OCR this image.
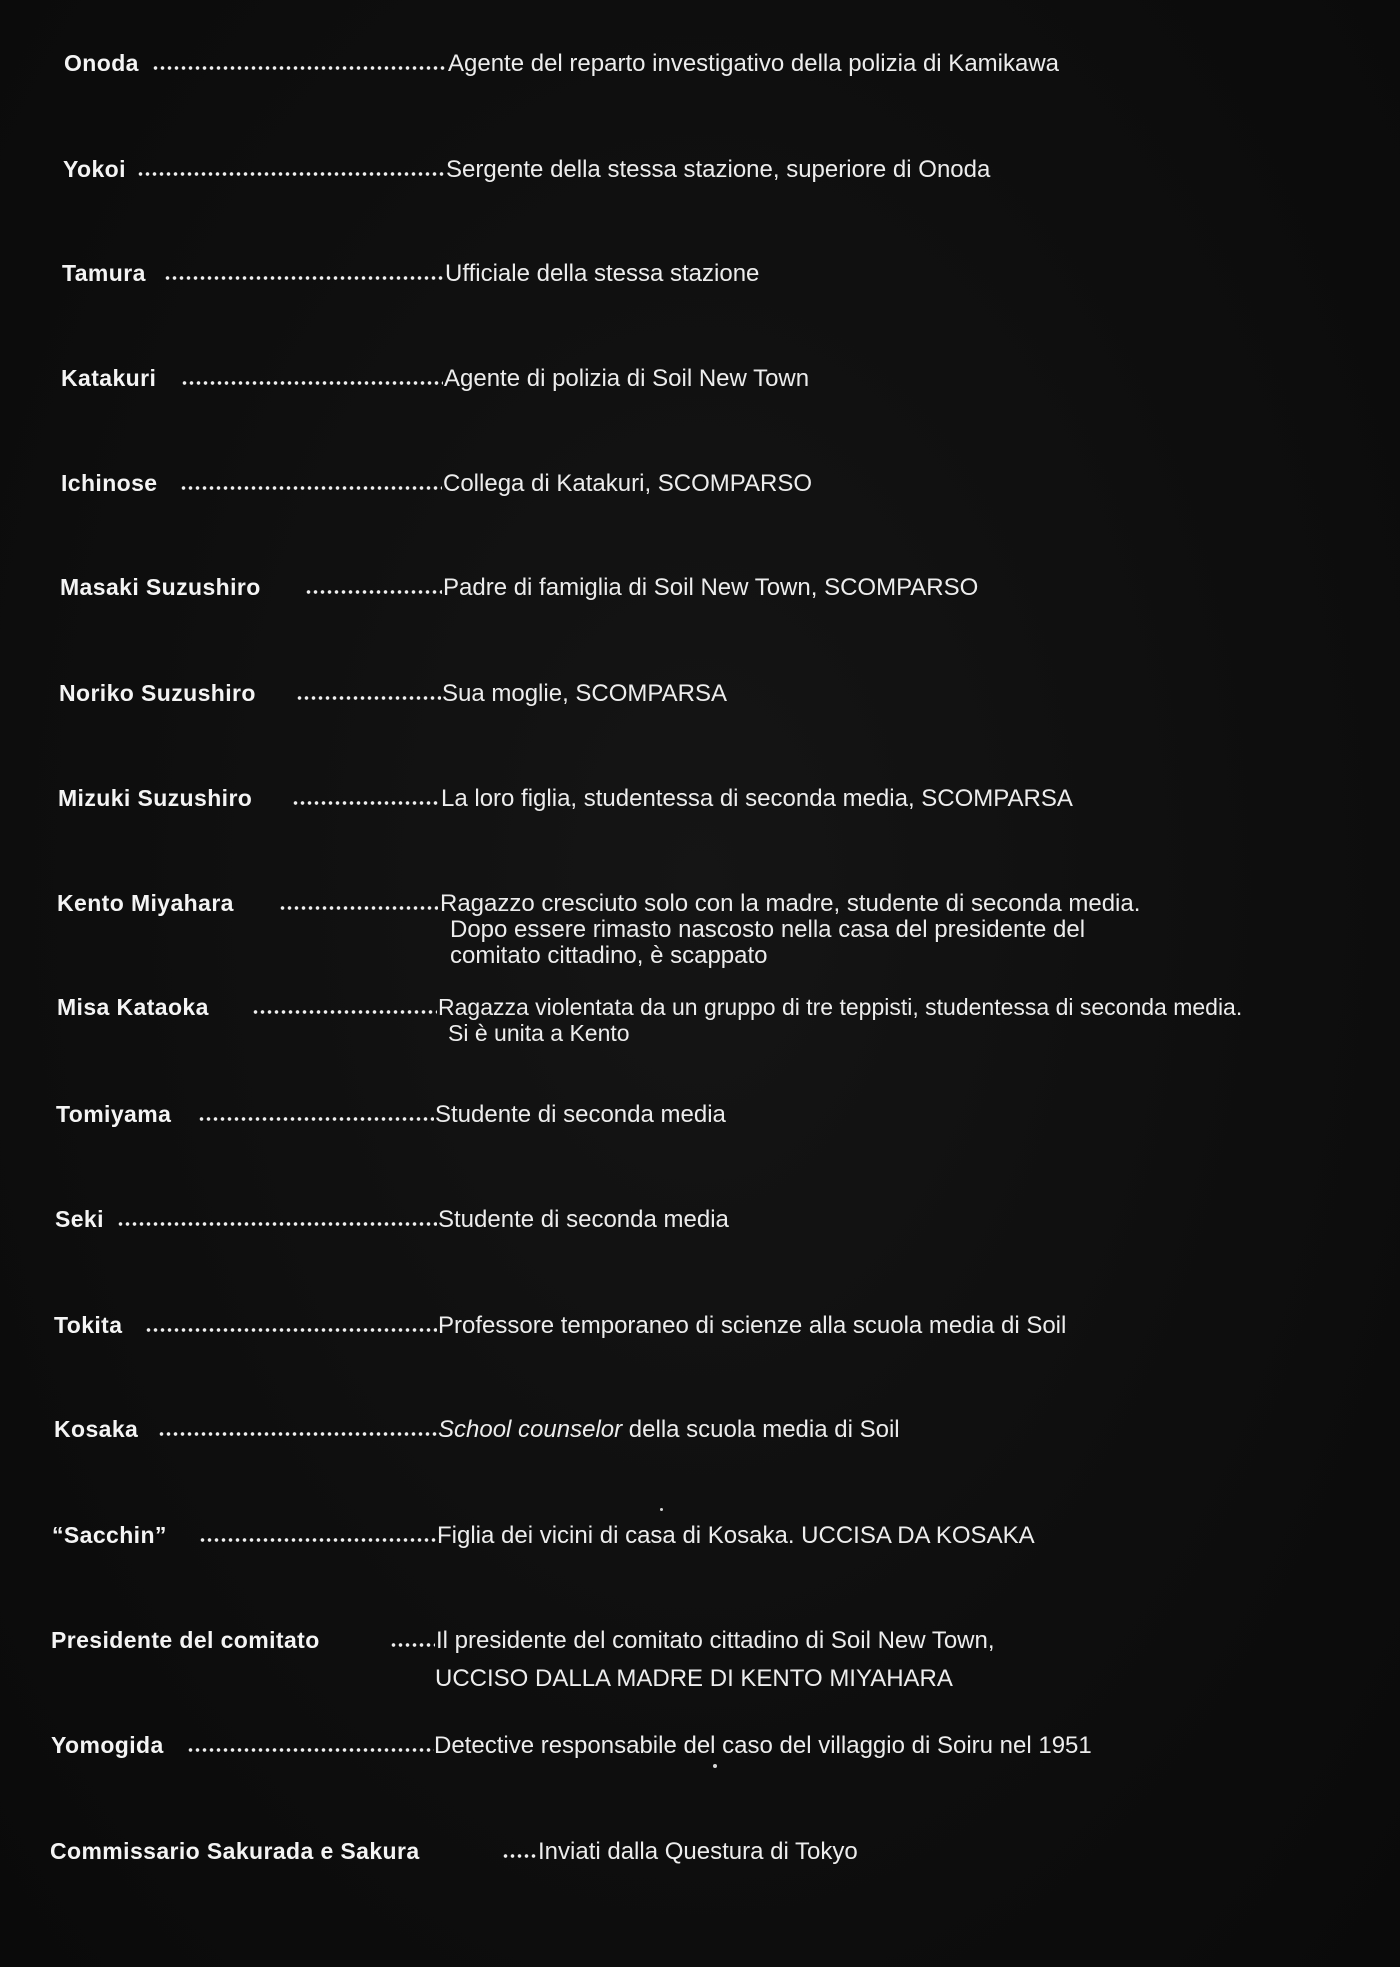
Onoda	Agente del reparto investigativo della polizia di Kamikawa
Yokoi	Sergente della stessa stazione, superiore di Onoda
Tamura	Ufficiale della stessa stazione
Katakuri	Agente di polizia di Soil New Town
Ichinose	Collega di Katakuri, SCOMPARSO
Masaki Suzushiro	Padre di famiglia di Soil New Town, SCOMPARSO
Noriko Suzushiro	Sua moglie, SCOMPARSA
Mizuki Suzushiro	La loro figlia, studentessa di seconda media, SCOMPARSA
Kento Miyahara	Ragazzo cresciuto solo con la madre, studente di seconda media.
Dopo essere rimasto nascosto nella casa del presidente del
comitato cittadino, è scappato
Misa Kataoka	Ragazza violentata da un gruppo di tre teppisti, studentessa di seconda media.
Si è unita a Kento
Tomiyama	Studente di seconda media
Seki	Studente di seconda media
Tokita	Professore temporaneo di scienze alla scuola media di Soil
Kosaka	School counselor della scuola media di Soil
“Sacchin”	Figlia dei vicini di casa di Kosaka. UCCISA DA KOSAKA
Presidente del comitato	Il presidente del comitato cittadino di Soil New Town,
UCCISO DALLA MADRE DI KENTO MIYAHARA
Yomogida	Detective responsabile del caso del villaggio di Soiru nel 1951
Commissario Sakurada e Sakura	Inviati dalla Questura di Tokyo
